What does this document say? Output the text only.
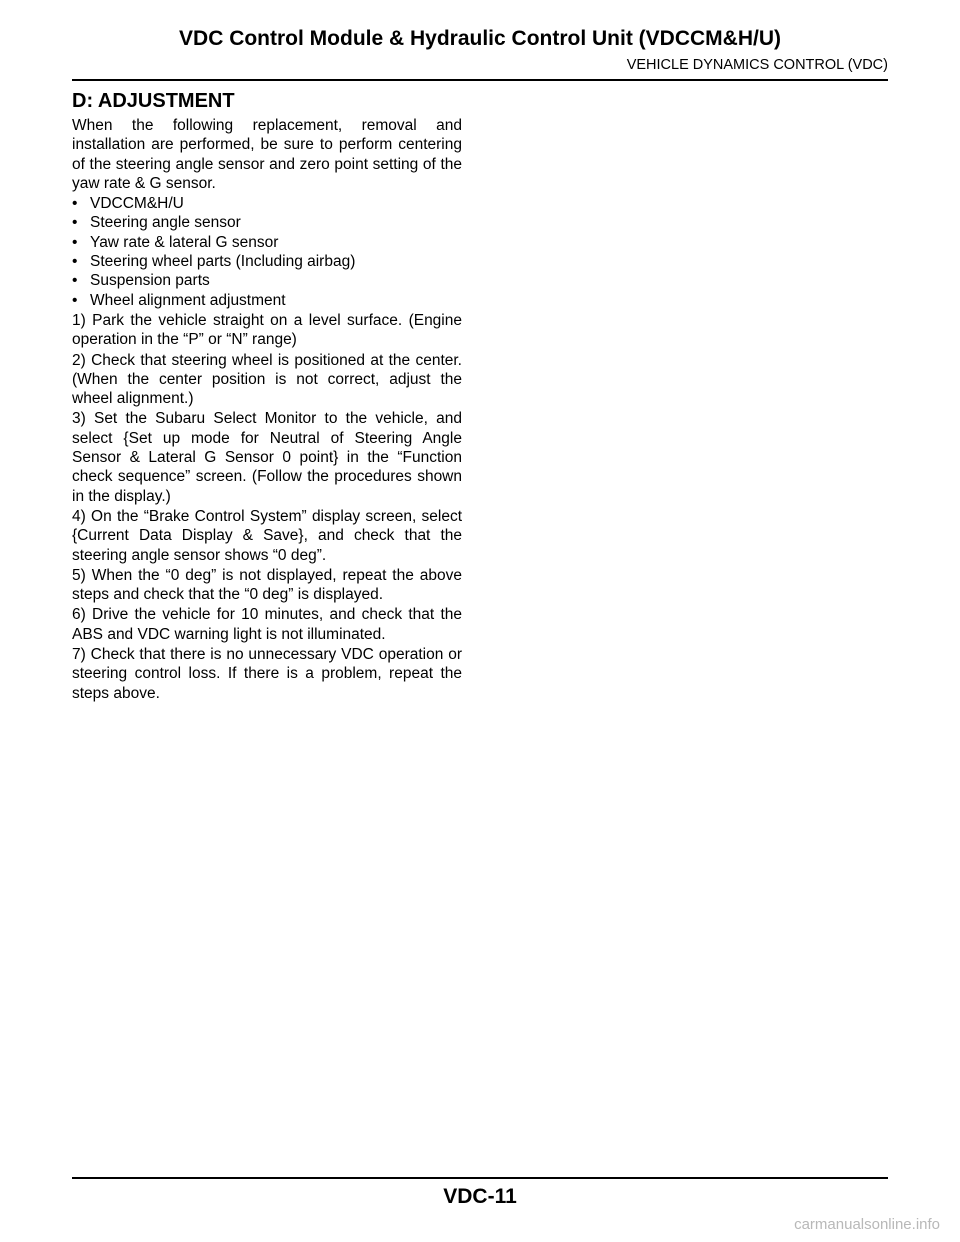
VDC Control Module & Hydraulic Control Unit (VDCCM&H/U)
VEHICLE DYNAMICS CONTROL (VDC)
D: ADJUSTMENT

When the following replacement, removal and installation are performed, be sure to perform centering of the steering angle sensor and zero point setting of the yaw rate & G sensor.

• VDCCM&H/U
• Steering angle sensor
• Yaw rate & lateral G sensor
• Steering wheel parts (Including airbag)
• Suspension parts
• Wheel alignment adjustment

1) Park the vehicle straight on a level surface. (Engine operation in the “P” or “N” range)

2) Check that steering wheel is positioned at the center. (When the center position is not correct, adjust the wheel alignment.)

3) Set the Subaru Select Monitor to the vehicle, and select {Set up mode for Neutral of Steering Angle Sensor & Lateral G Sensor 0 point} in the “Function check sequence” screen. (Follow the procedures shown in the display.)

4) On the “Brake Control System” display screen, select {Current Data Display & Save}, and check that the steering angle sensor shows “0 deg”.

5) When the “0 deg” is not displayed, repeat the above steps and check that the “0 deg” is displayed.

6) Drive the vehicle for 10 minutes, and check that the ABS and VDC warning light is not illuminated.

7) Check that there is no unnecessary VDC operation or steering control loss. If there is a problem, repeat the steps above.

VDC-11
carmanualsonline.info
